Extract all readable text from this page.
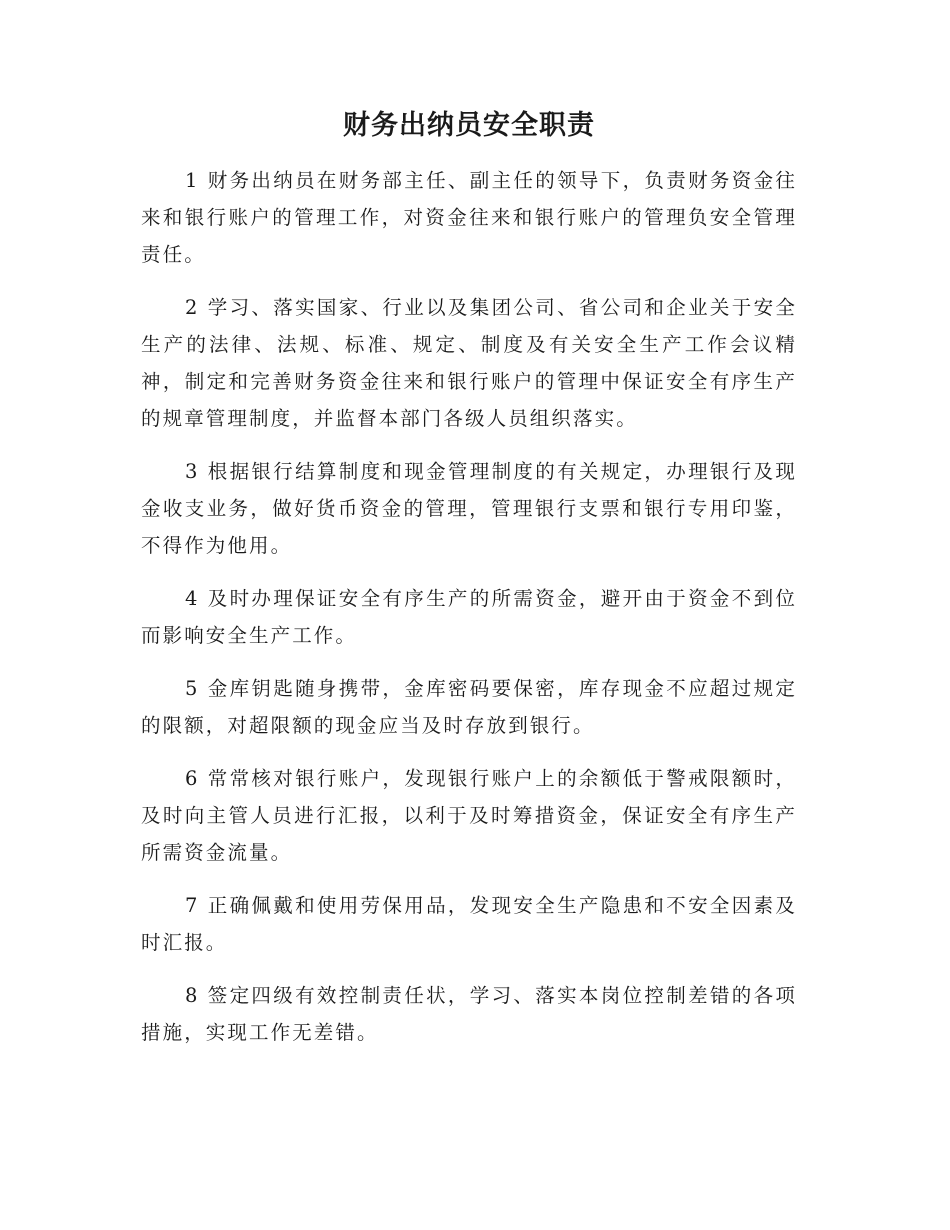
财务出纳员安全职责

1 财务出纳员在财务部主任、副主任的领导下，负责财务资金往来和银行账户的管理工作，对资金往来和银行账户的管理负安全管理责任。

2 学习、落实国家、行业以及集团公司、省公司和企业关于安全生产的法律、法规、标准、规定、制度及有关安全生产工作会议精神，制定和完善财务资金往来和银行账户的管理中保证安全有序生产的规章管理制度，并监督本部门各级人员组织落实。

3 根据银行结算制度和现金管理制度的有关规定，办理银行及现金收支业务，做好货币资金的管理，管理银行支票和银行专用印鉴，不得作为他用。

4 及时办理保证安全有序生产的所需资金，避开由于资金不到位而影响安全生产工作。

5 金库钥匙随身携带，金库密码要保密，库存现金不应超过规定的限额，对超限额的现金应当及时存放到银行。

6 常常核对银行账户，发现银行账户上的余额低于警戒限额时，及时向主管人员进行汇报，以利于及时筹措资金，保证安全有序生产所需资金流量。

7 正确佩戴和使用劳保用品，发现安全生产隐患和不安全因素及时汇报。

8 签定四级有效控制责任状，学习、落实本岗位控制差错的各项措施，实现工作无差错。
